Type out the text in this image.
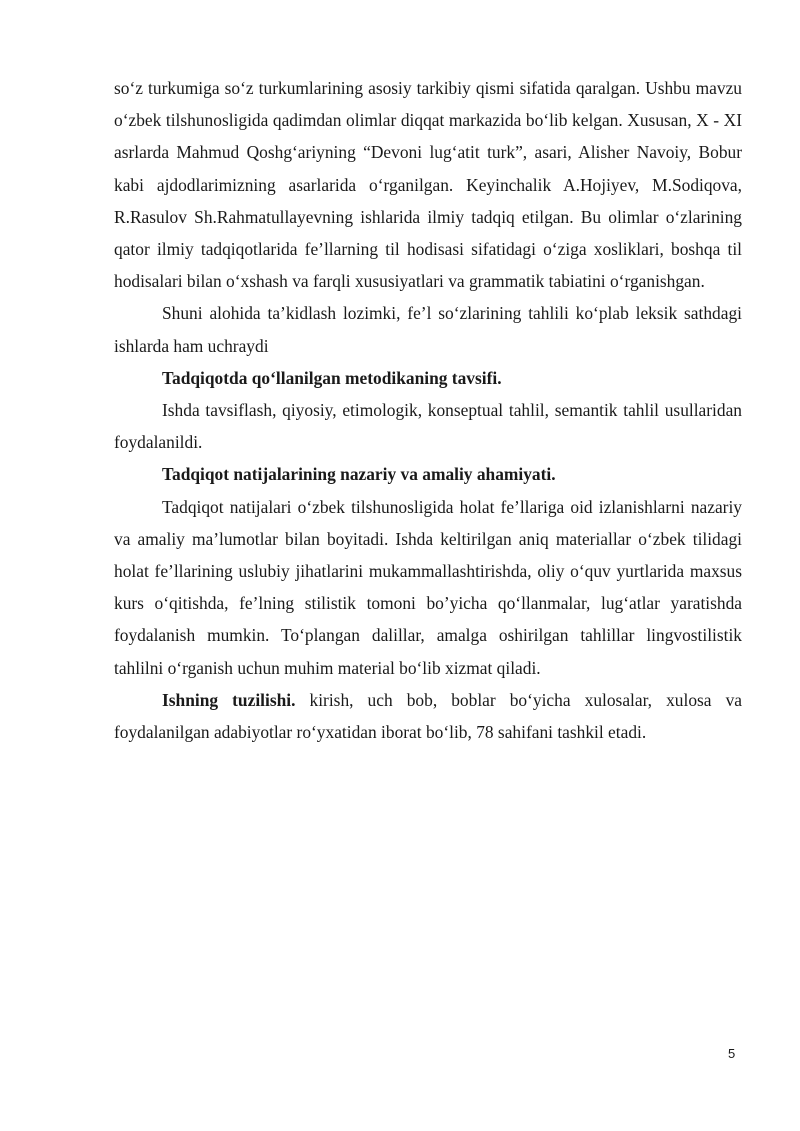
so‘z turkumiga so‘z turkumlarining asosiy tarkibiy qismi sifatida qaralgan. Ushbu mavzu o‘zbek tilshunosligida qadimdan olimlar diqqat markazida bo‘lib kelgan. Xususan, X - XI asrlarda Mahmud Qoshg‘ariyning “Devoni lug‘atit turk”, asari, Alisher Navoiy, Bobur kabi ajdodlarimizning asarlarida o‘rganilgan. Keyinchalik A.Hojiyev, M.Sodiqova, R.Rasulov Sh.Rahmatullayevning ishlarida ilmiy tadqiq etilgan. Bu olimlar o‘zlarining qator ilmiy tadqiqotlarida fe’llarning til hodisasi sifatidagi o‘ziga xosliklari, boshqa til hodisalari bilan o‘xshash va farqli xususiyatlari va grammatik tabiatini o‘rganishgan.

Shuni alohida ta’kidlash lozimki, fe’l so‘zlarining tahlili ko‘plab leksik sathdagi ishlarda ham uchraydi

Tadqiqotda qo‘llanilgan metodikaning tavsifi.

Ishda tavsiflash, qiyosiy, etimologik, konseptual tahlil, semantik tahlil usullaridan foydalanildi.

Tadqiqot natijalarining nazariy va amaliy ahamiyati.

Tadqiqot natijalari o‘zbek tilshunosligida holat fe’llariga oid izlanishlarni nazariy va amaliy ma’lumotlar bilan boyitadi. Ishda keltirilgan aniq materiallar o‘zbek tilidagi holat fe’llarining uslubiy jihatlarini mukammallashtirishda, oliy o‘quv yurtlarida maxsus kurs o‘qitishda, fe’lning stilistik tomoni bo’yicha qo‘llanmalar, lug‘atlar yaratishda foydalanish mumkin. To‘plangan dalillar, amalga oshirilgan tahlillar lingvostilistik tahlilni o‘rganish uchun muhim material bo‘lib xizmat qiladi.

Ishning tuzilishi. kirish, uch bob, boblar bo‘yicha xulosalar, xulosa va foydalanilgan adabiyotlar ro‘yxatidan iborat bo‘lib, 78 sahifani tashkil etadi.

5
